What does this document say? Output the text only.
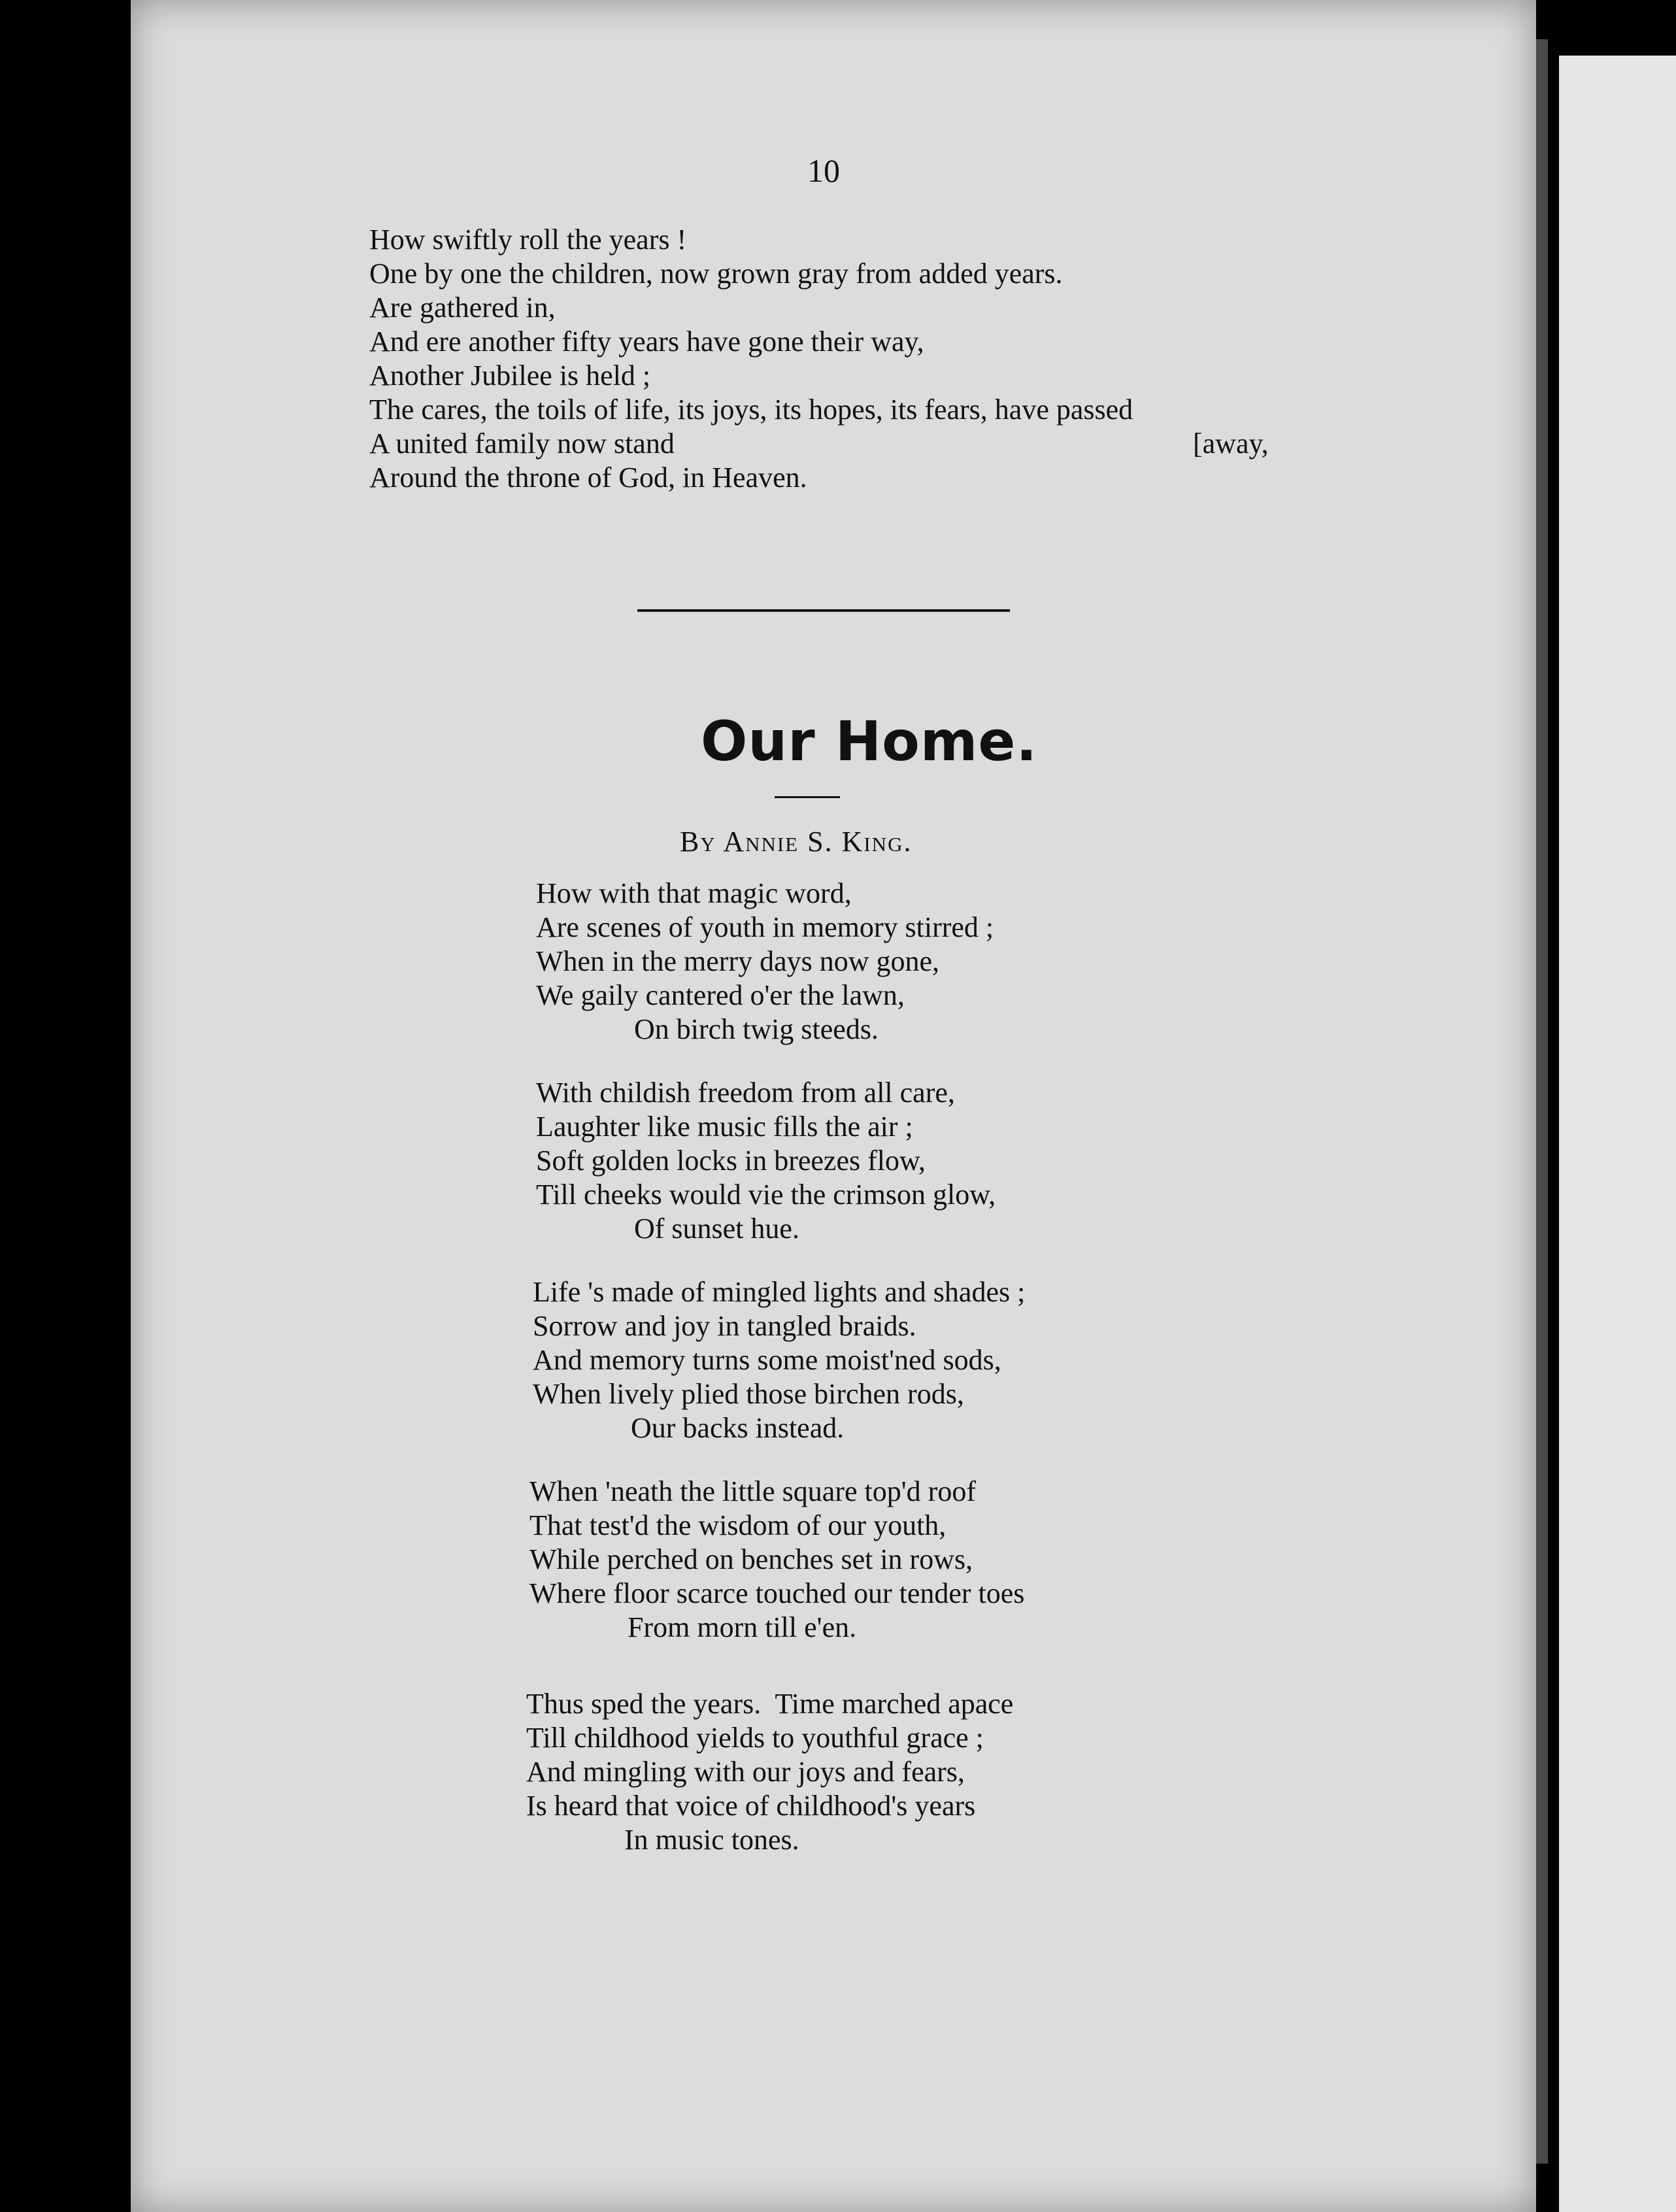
10
How swiftly roll the years !
One by one the children, now grown gray from added years.
Are gathered in,
And ere another fifty years have gone their way,
Another Jubilee is held ;
The cares, the toils of life, its joys, its hopes, its fears, have passed
A united family now stand
Around the throne of God, in Heaven.
[away,
Our Home.
By Annie S. King.
How with that magic word,
Are scenes of youth in memory stirred ;
When in the merry days now gone,
We gaily cantered o'er the lawn,
On birch twig steeds.
With childish freedom from all care,
Laughter like music fills the air ;
Soft golden locks in breezes flow,
Till cheeks would vie the crimson glow,
Of sunset hue.
Life 's made of mingled lights and shades ;
Sorrow and joy in tangled braids.
And memory turns some moist'ned sods,
When lively plied those birchen rods,
Our backs instead.
When 'neath the little square top'd roof
That test'd the wisdom of our youth,
While perched on benches set in rows,
Where floor scarce touched our tender toes
From morn till e'en.
Thus sped the years.  Time marched apace
Till childhood yields to youthful grace ;
And mingling with our joys and fears,
Is heard that voice of childhood's years
In music tones.
